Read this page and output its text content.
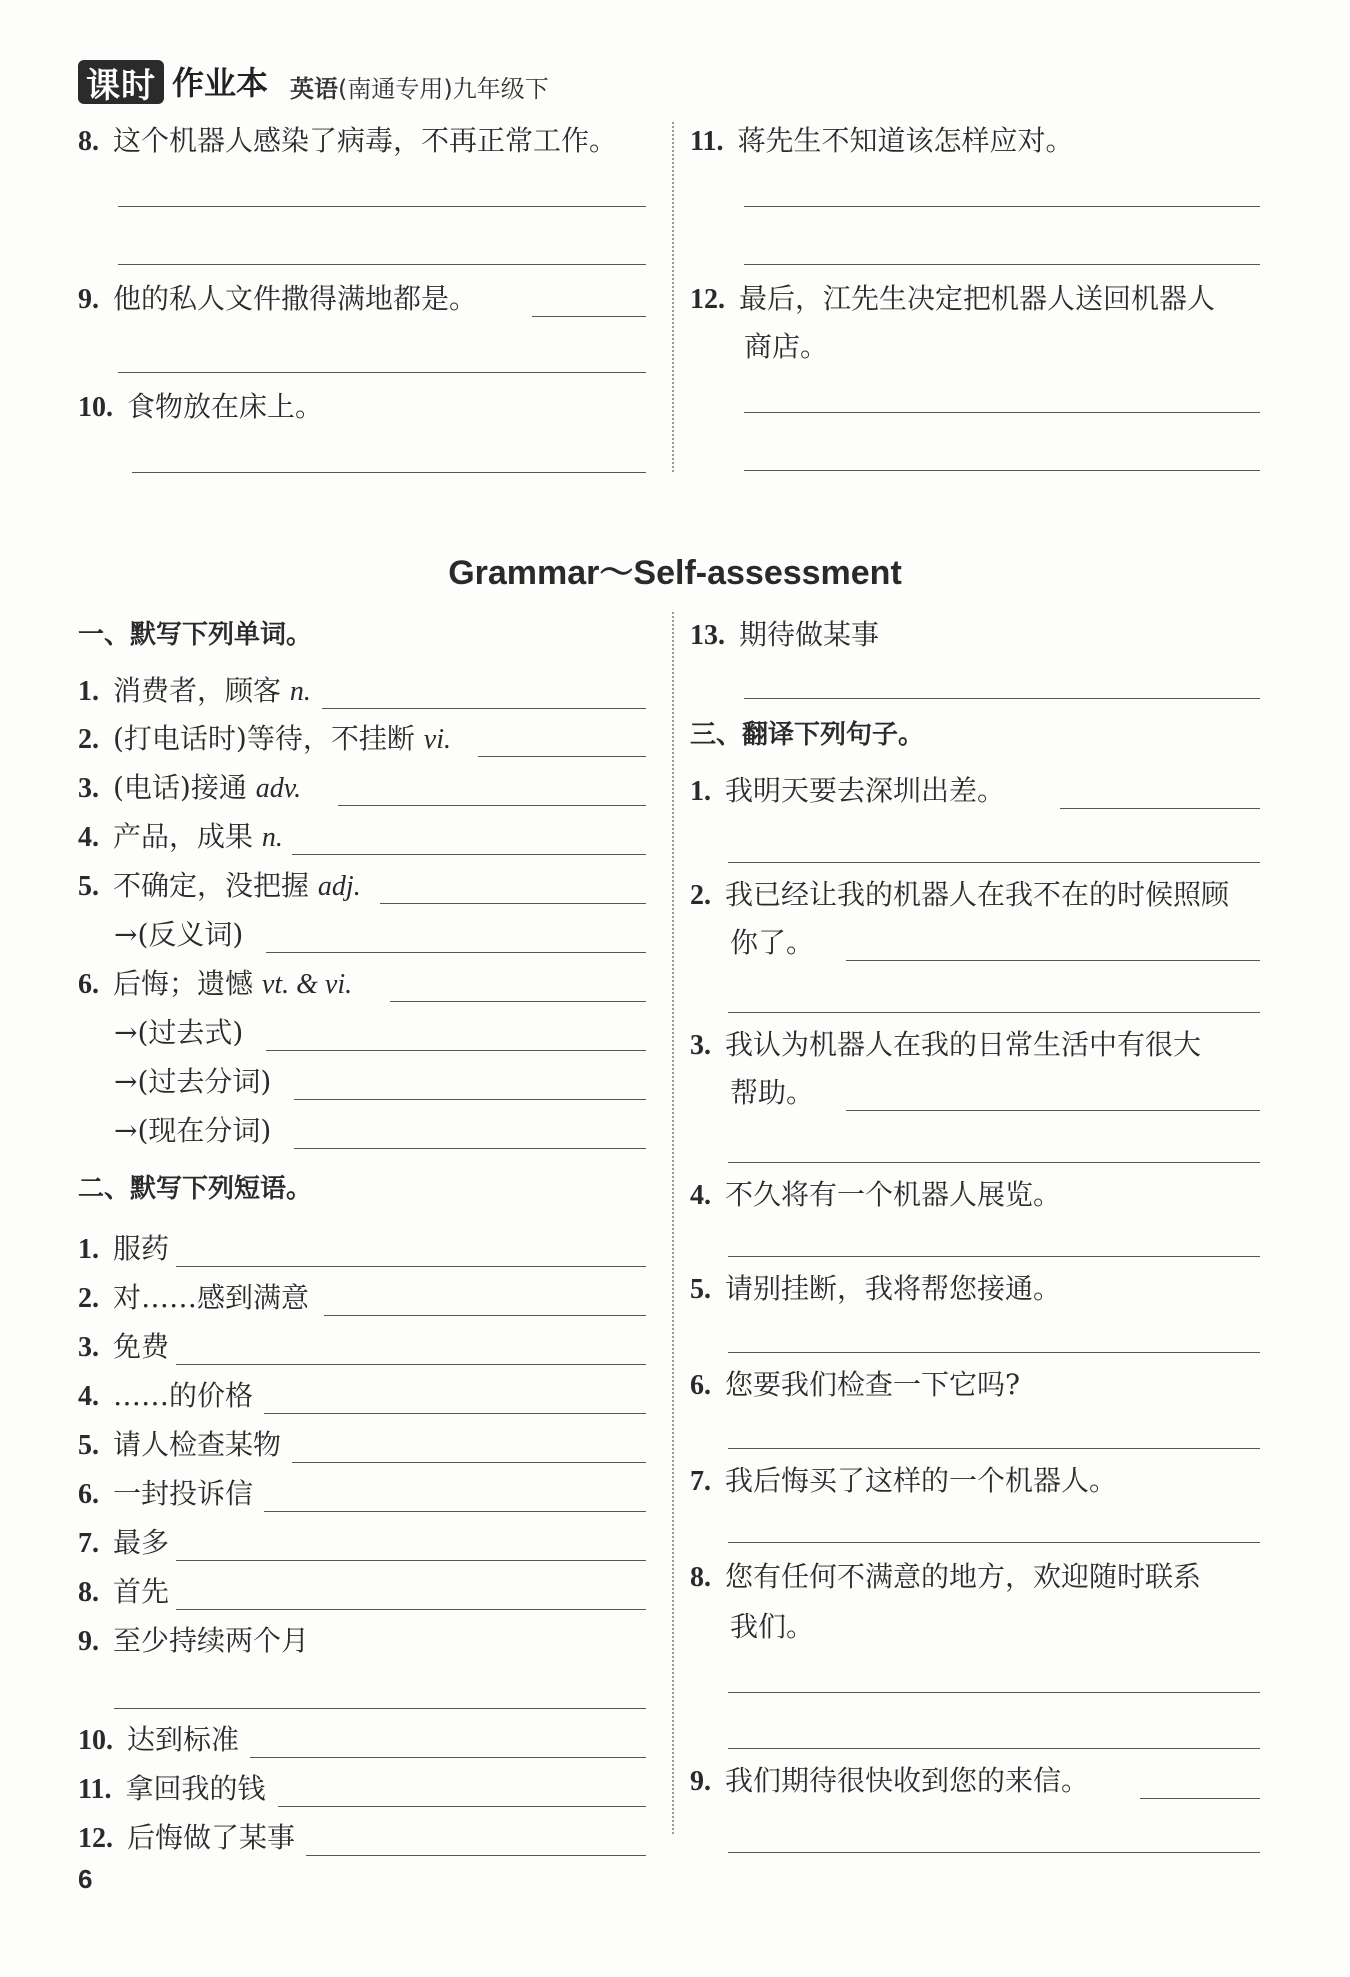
课时 作业本 英语(南通专用)九年级下
8. 这个机器人感染了病毒，不再正常工作。
9. 他的私人文件撒得满地都是。
10. 食物放在床上。
11. 蒋先生不知道该怎样应对。
12. 最后，江先生决定把机器人送回机器人
商店。
Grammar～Self-assessment
一、默写下列单词。
1. 消费者，顾客 n.
2. (打电话时)等待，不挂断 vi.
3. (电话)接通 adv.
4. 产品，成果 n.
5. 不确定，没把握 adj.
→(反义词)
6. 后悔；遗憾 vt. & vi.
→(过去式)
→(过去分词)
→(现在分词)
二、默写下列短语。
1. 服药
2. 对……感到满意
3. 免费
4. ……的价格
5. 请人检查某物
6. 一封投诉信
7. 最多
8. 首先
9. 至少持续两个月
10. 达到标准
11. 拿回我的钱
12. 后悔做了某事
13. 期待做某事
三、翻译下列句子。
1. 我明天要去深圳出差。
2. 我已经让我的机器人在我不在的时候照顾
你了。
3. 我认为机器人在我的日常生活中有很大
帮助。
4. 不久将有一个机器人展览。
5. 请别挂断，我将帮您接通。
6. 您要我们检查一下它吗?
7. 我后悔买了这样的一个机器人。
8. 您有任何不满意的地方，欢迎随时联系
我们。
9. 我们期待很快收到您的来信。
6
